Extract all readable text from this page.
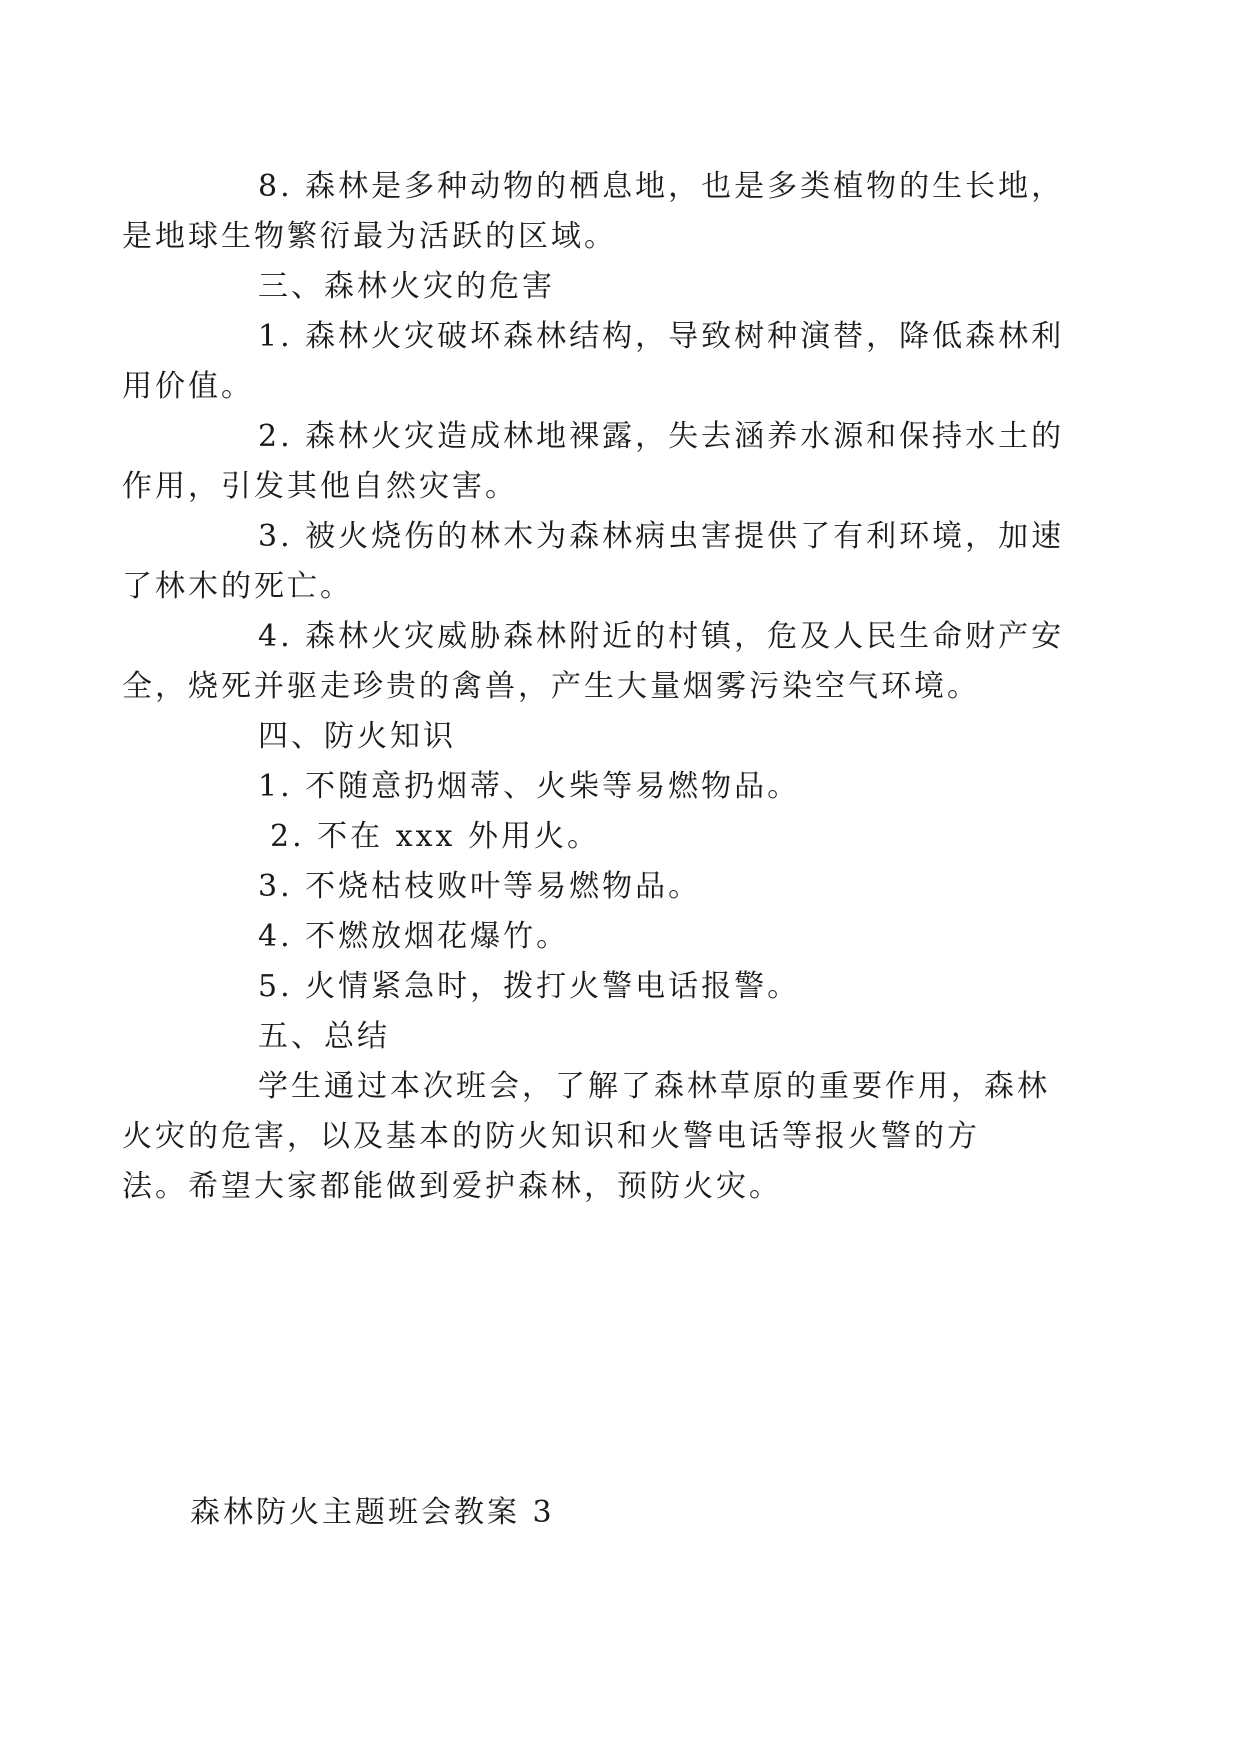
8. 森林是多种动物的栖息地，也是多类植物的生长地，
是地球生物繁衍最为活跃的区域。
三、森林火灾的危害
1. 森林火灾破坏森林结构，导致树种演替，降低森林利
用价值。
2. 森林火灾造成林地裸露，失去涵养水源和保持水土的
作用，引发其他自然灾害。
3. 被火烧伤的林木为森林病虫害提供了有利环境，加速
了林木的死亡。
4. 森林火灾威胁森林附近的村镇，危及人民生命财产安
全，烧死并驱走珍贵的禽兽，产生大量烟雾污染空气环境。
四、防火知识
1. 不随意扔烟蒂、火柴等易燃物品。
2. 不在 xxx 外用火。
3. 不烧枯枝败叶等易燃物品。
4. 不燃放烟花爆竹。
5. 火情紧急时，拨打火警电话报警。
五、总结
学生通过本次班会，了解了森林草原的重要作用，森林
火灾的危害，以及基本的防火知识和火警电话等报火警的方
法。希望大家都能做到爱护森林，预防火灾。
森林防火主题班会教案 3
